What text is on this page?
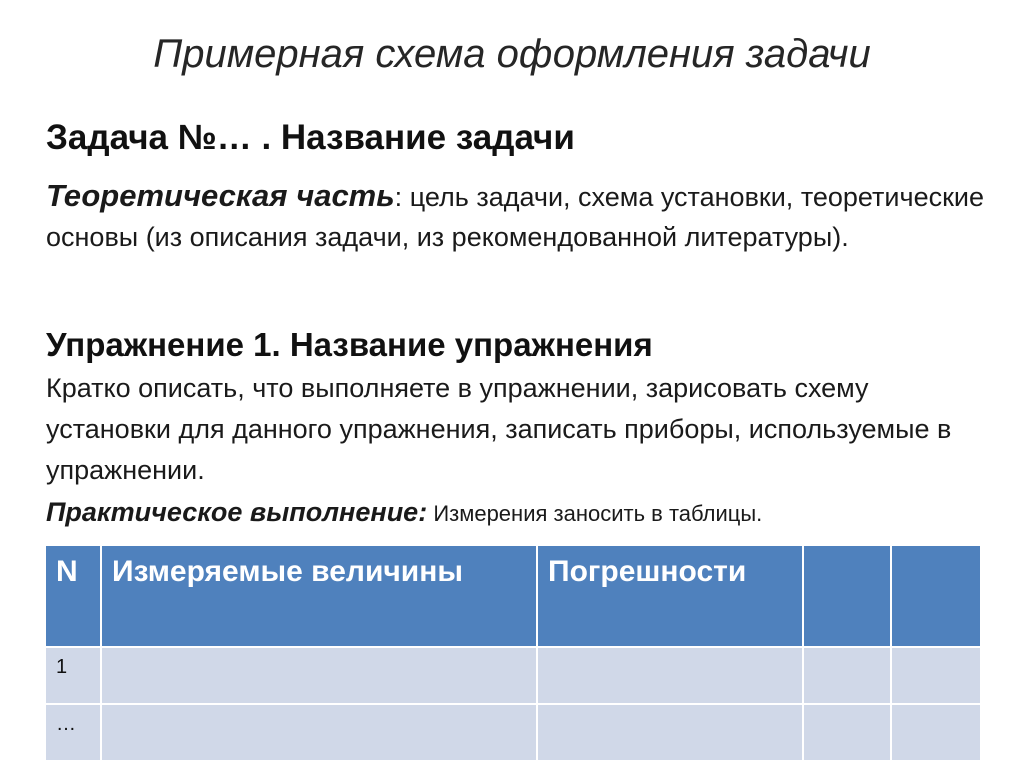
Примерная схема оформления задачи
Задача №… . Название задачи
Теоретическая часть: цель задачи, схема установки, теоретические основы (из описания задачи, из рекомендованной литературы).
Упражнение 1. Название упражнения
Кратко описать, что выполняете в упражнении, зарисовать схему установки для данного упражнения, записать приборы, используемые в упражнении.
Практическое выполнение: Измерения заносить в таблицы.
N	Измеряемые величины	Погрешности		
1				
…				
